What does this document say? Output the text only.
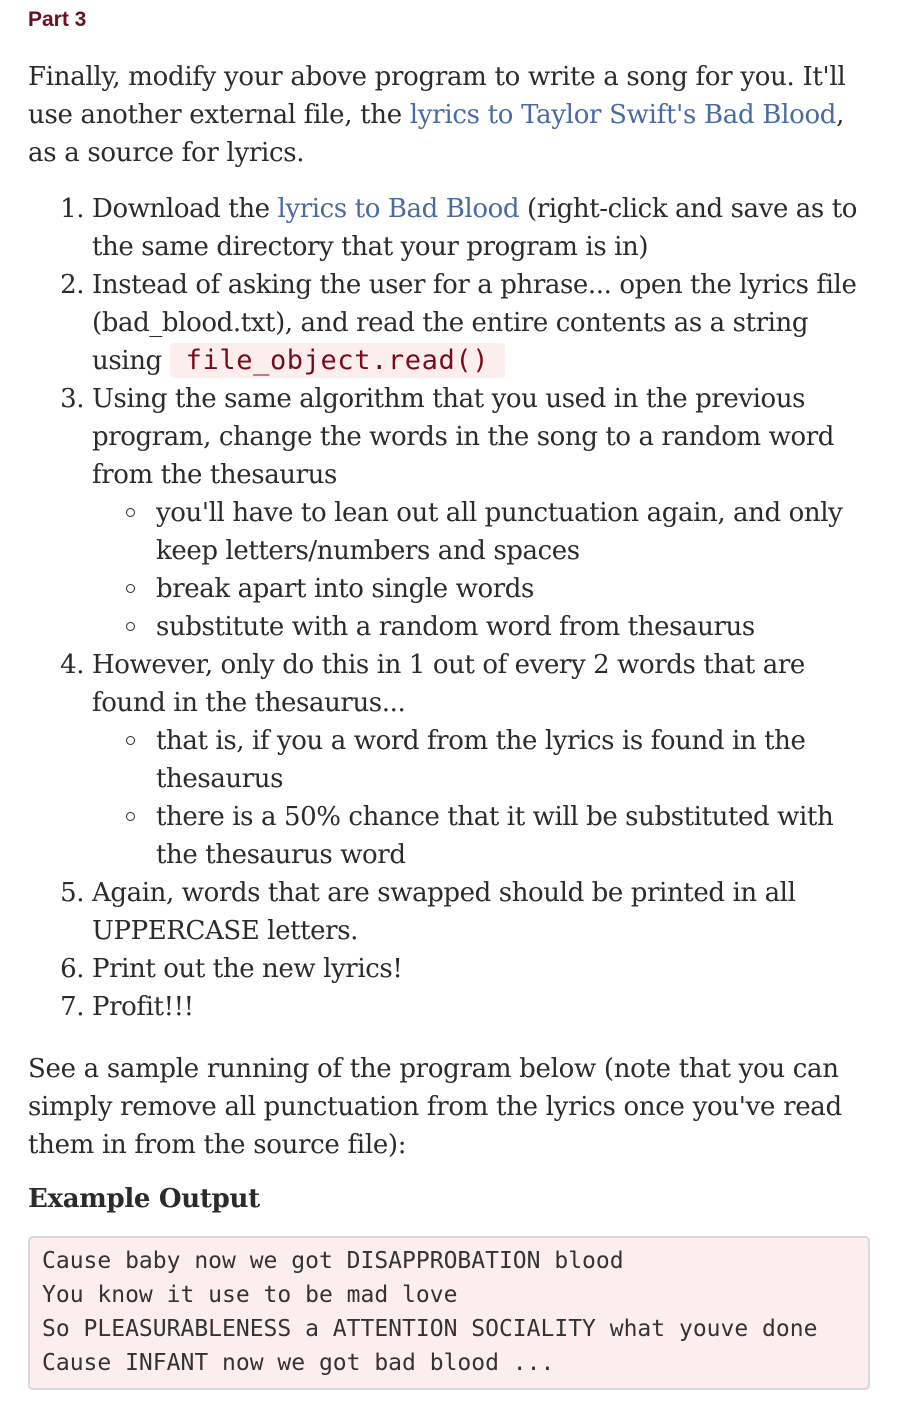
Part 3

Finally, modify your above program to write a song for you. It'll use another external file, the lyrics to Taylor Swift's Bad Blood, as a source for lyrics.

1. Download the lyrics to Bad Blood (right-click and save as to the same directory that your program is in)
2. Instead of asking the user for a phrase... open the lyrics file (bad_blood.txt), and read the entire contents as a string using file_object.read()
3. Using the same algorithm that you used in the previous program, change the words in the song to a random word from the thesaurus
you'll have to lean out all punctuation again, and only keep letters/numbers and spaces
break apart into single words
substitute with a random word from thesaurus
4. However, only do this in 1 out of every 2 words that are found in the thesaurus...
that is, if you a word from the lyrics is found in the thesaurus
there is a 50% chance that it will be substituted with the thesaurus word
5. Again, words that are swapped should be printed in all UPPERCASE letters.
6. Print out the new lyrics!
7. Profit!!!

See a sample running of the program below (note that you can simply remove all punctuation from the lyrics once you've read them in from the source file):

Example Output
Cause baby now we got DISAPPROBATION blood
You know it use to be mad love
So PLEASURABLENESS a ATTENTION SOCIALITY what youve done
Cause INFANT now we got bad blood ...
